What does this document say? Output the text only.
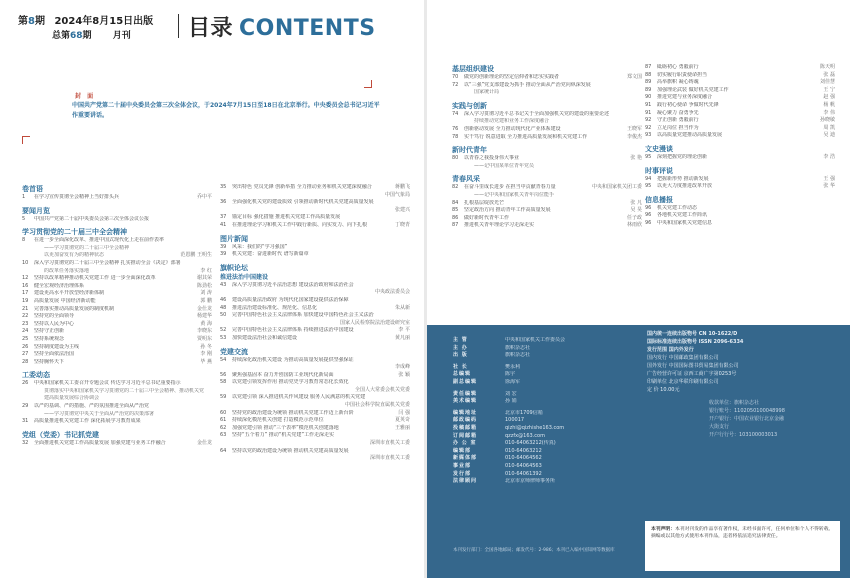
第8期 2024年8月15日出版
总第68期 月刊	目录 CONTENTS
封 面
中国共产党第二十届中央委员会第三次全体会议，于2024年7月15日至18日在北京举行。中央委员会总书记习近平作重要讲话。
卷首语
1	在学习宣传贯彻全会精神上当好排头兵	乔中平
要闻月览
5	中国共产党第二十届中央委员会第三次全体会议公报
学习贯彻党的二十届三中全会精神
8	在进一步全面深化改革、推进中国式现代化上走在前作表率
——学习贯彻党的二十届三中全会精神
以更加奋发有为的精神状态	范恩鹏 王明生
10	深入学习贯彻党的二十届三中全会精神 扎实推动全会《决定》部署
的改革任务落实落地	李 红
12	坚持以改革精神推动机关党建工作 进一步全面深化改革	谢其荣
16	健全宏观经济治理体系	陈劲松
17	建设更高水平开放型经济新体制	刘 涛
19	高质量发展 中国经济新动能	郭 鹏
21	完善落实推动高质量发展的制度机制	金仕龙
22	坚持党的全面领导	杨建华
23	坚持以人民为中心	黄 海
24	坚持守正创新	李晓东
25	坚持系统观念	贾明东
26	坚持制度建设为主线	孙 冬
27	坚持全面依法治国	李 刚
28	坚持胸怀天下	毕 燕
工委动态
26	中央和国家机关工委召开专题会议 传达学习习近平总书记重要指示
贯彻落实中央和国家机关学习贯彻党的二十届三中全会精神、推动机关党
建高质量发展综合协调会
29	以严的基调、严的措施、严的氛围推进全面从严治党
——学习贯彻党中央关于全面从严治党的决策部署
31	高质量推进机关党建工作 深化拓展学习教育成果
党组（党委）书记抓党建
32	全面推进机关党建工作高质量发展 加强党建与业务工作融合	金仕龙
35	突出特色 党员先锋 创新举措 全力推动业务和机关党建深度融合	蒋鹏飞
中国气象局
36	全面强化机关党的建设质效 引领推动新时代机关党建高质量发展
张建兴
37	锚定目标 强化措施 推进机关党建工作高质量发展
41	在推进理论学习和机关工作中践行新质、向实发力、向下扎根	丁晓青
图片新闻
39	风采：我们的“学习强国”
39	机关党建：奋进新时代 谱写新篇章
旗帜论坛
推进法治中国建设
43	深入学习贯彻习近平法治思想 建设法治政府和法治社会
中央政法委员会
46	建设高质量法治政府 为现代化国家建设提供法治保障
48	推进法治建设标准化、规范化、信息化	朱从新
50	完善中国特色社会主义法律体系 加快建设中国特色社会主义法治
国家人民检察院法治建设研究室
52	完善中国特色社会主义法律体系 持续推进法治中国建设	李 平
53	加快建设法治社会和诚信建设	黄凡丽
党建交流
54	持续深化政治机关建设 为推动高质量发展提供坚强保证
李成峰
56	聚焦强基固本 奋力开创国防工业现代化新局面	张 颖
58	以党建引领发挥作用 推动党史学习教育常态化长效化
全国人大常委会机关党委
59	以党建引领 深入推进机关作风建设 服务人民满意的机关党建
中国社会科学院直属机关党委
60	坚持党的政治建设为统领 推动机关党建工作迈上新台阶	闫 强
61	持续深化模范机关创建 打造模范示范单位	夏英奇
62	加强党建引领 推动“三个表率”模范机关创建落地	王雅丽
63	坚持“五个着力” 推动“机关党建”工作走深走实
深圳市直机关工委
64	坚持以党的政治建设为统领 推动机关党建高质量发展
深圳市直机关工委
基层组织建设
70	做党的创新理论的坚定信仰者和忠实实践者	郑文国
72	以“三强”党支部建设为抓手 推动全面从严治党向纵深发展
国家统计局
实践与创新
74	深入学习贯彻习近平总书记关于全面加强机关党的建设的重要论述
持续推动党建和业务工作深度融合
76	创新驱动发展 全力推动现代化产业体系建设	王晓军
78	实干笃行 锐意进取 全力推进高质量发展和机关党建工作	李俊杰
新时代青年
80	以青春之我投身伟大事业	张 艳
——记中国某单位青年党员
青春风采
82	在奋斗里成长进步 在担当中贡献青春力量	中央和国家机关团工委
——记中央和国家机关青年岗位能手
84	扎根基层绽放光芒	张 凡
85	坚定政治方向 推动青年工作高质量发展	吴 昊
86	做好新时代青年工作	任子政
87	推进机关青年理论学习走深走实	林雨欣
87	砥砺初心 勇毅前行	陈天明
88	切实履行职责使命担当	张 磊
89	高举旗帜 凝心铸魂	刘佳慧
89	加强理论武装 做好机关党建工作	王 宁
90	推进党建与业务深度融合	赵 强
91	践行初心使命 争做时代先锋	杨 帆
91	凝心聚力 奋勇争先	李 伟
92	守正创新 勇毅前行	孙晓敏
92	立足岗位 担当作为	周 凯
93	以高质量党建推动高质量发展	吴 迪
文史漫谈
95	深刻把握党的理论创新	李 浩
时事评说
94	把握新形势 推动新发展	王 强
95	以更大力度推进改革开放	张 华
信息播报
96	机关党建工作动态
96	各地机关党建工作简讯
96	中央和国家机关党建信息
主 管	中央和国家机关工作委员会
主 办	旗帜杂志社
出 版	旗帜杂志社
社 长	樊永利
总编辑	陈宇
副总编辑	徐海军
责任编辑	刘 宏
美术编辑	孙 娟
编辑地址	北京市1709信箱
邮政编码	100017
投稿邮箱	qizhi@qizhishe163.com
订阅邮箱	qzzfx@163.com
办 公 室	010-64063212(传真)
编辑部	010-64063212
新媒体部	010-64064562
事业部	010-64064563
发行部	010-64061392
法律顾问	北京市京师律师事务所
国内统一连续出版物号 CN 10-1622/D
国际标准连续出版物号 ISSN 2096-6334
发行范围 国内外发行
国内发行 中国邮政集团有限公司
国外发行 中国国际图书贸易集团有限公司
广告经营许可证 京西工商广字第0253号
印刷单位 北京华联印刷有限公司
定 价 10.00元
收款单位：旗帜杂志社
银行账号：1102050100048998
开户银行：中国农业银行北京金融
大街支行
开户行行号：103100003013
本刊发行部门：全国各地邮局；邮发代号：2-986；本刊已入编中国知网等数据库
本刊声明：本刊对刊发的作品享有著作权，未经书面许可，任何单位和个人不得转载、摘编或以其他方式使用本刊作品，违者将依法追究法律责任。
